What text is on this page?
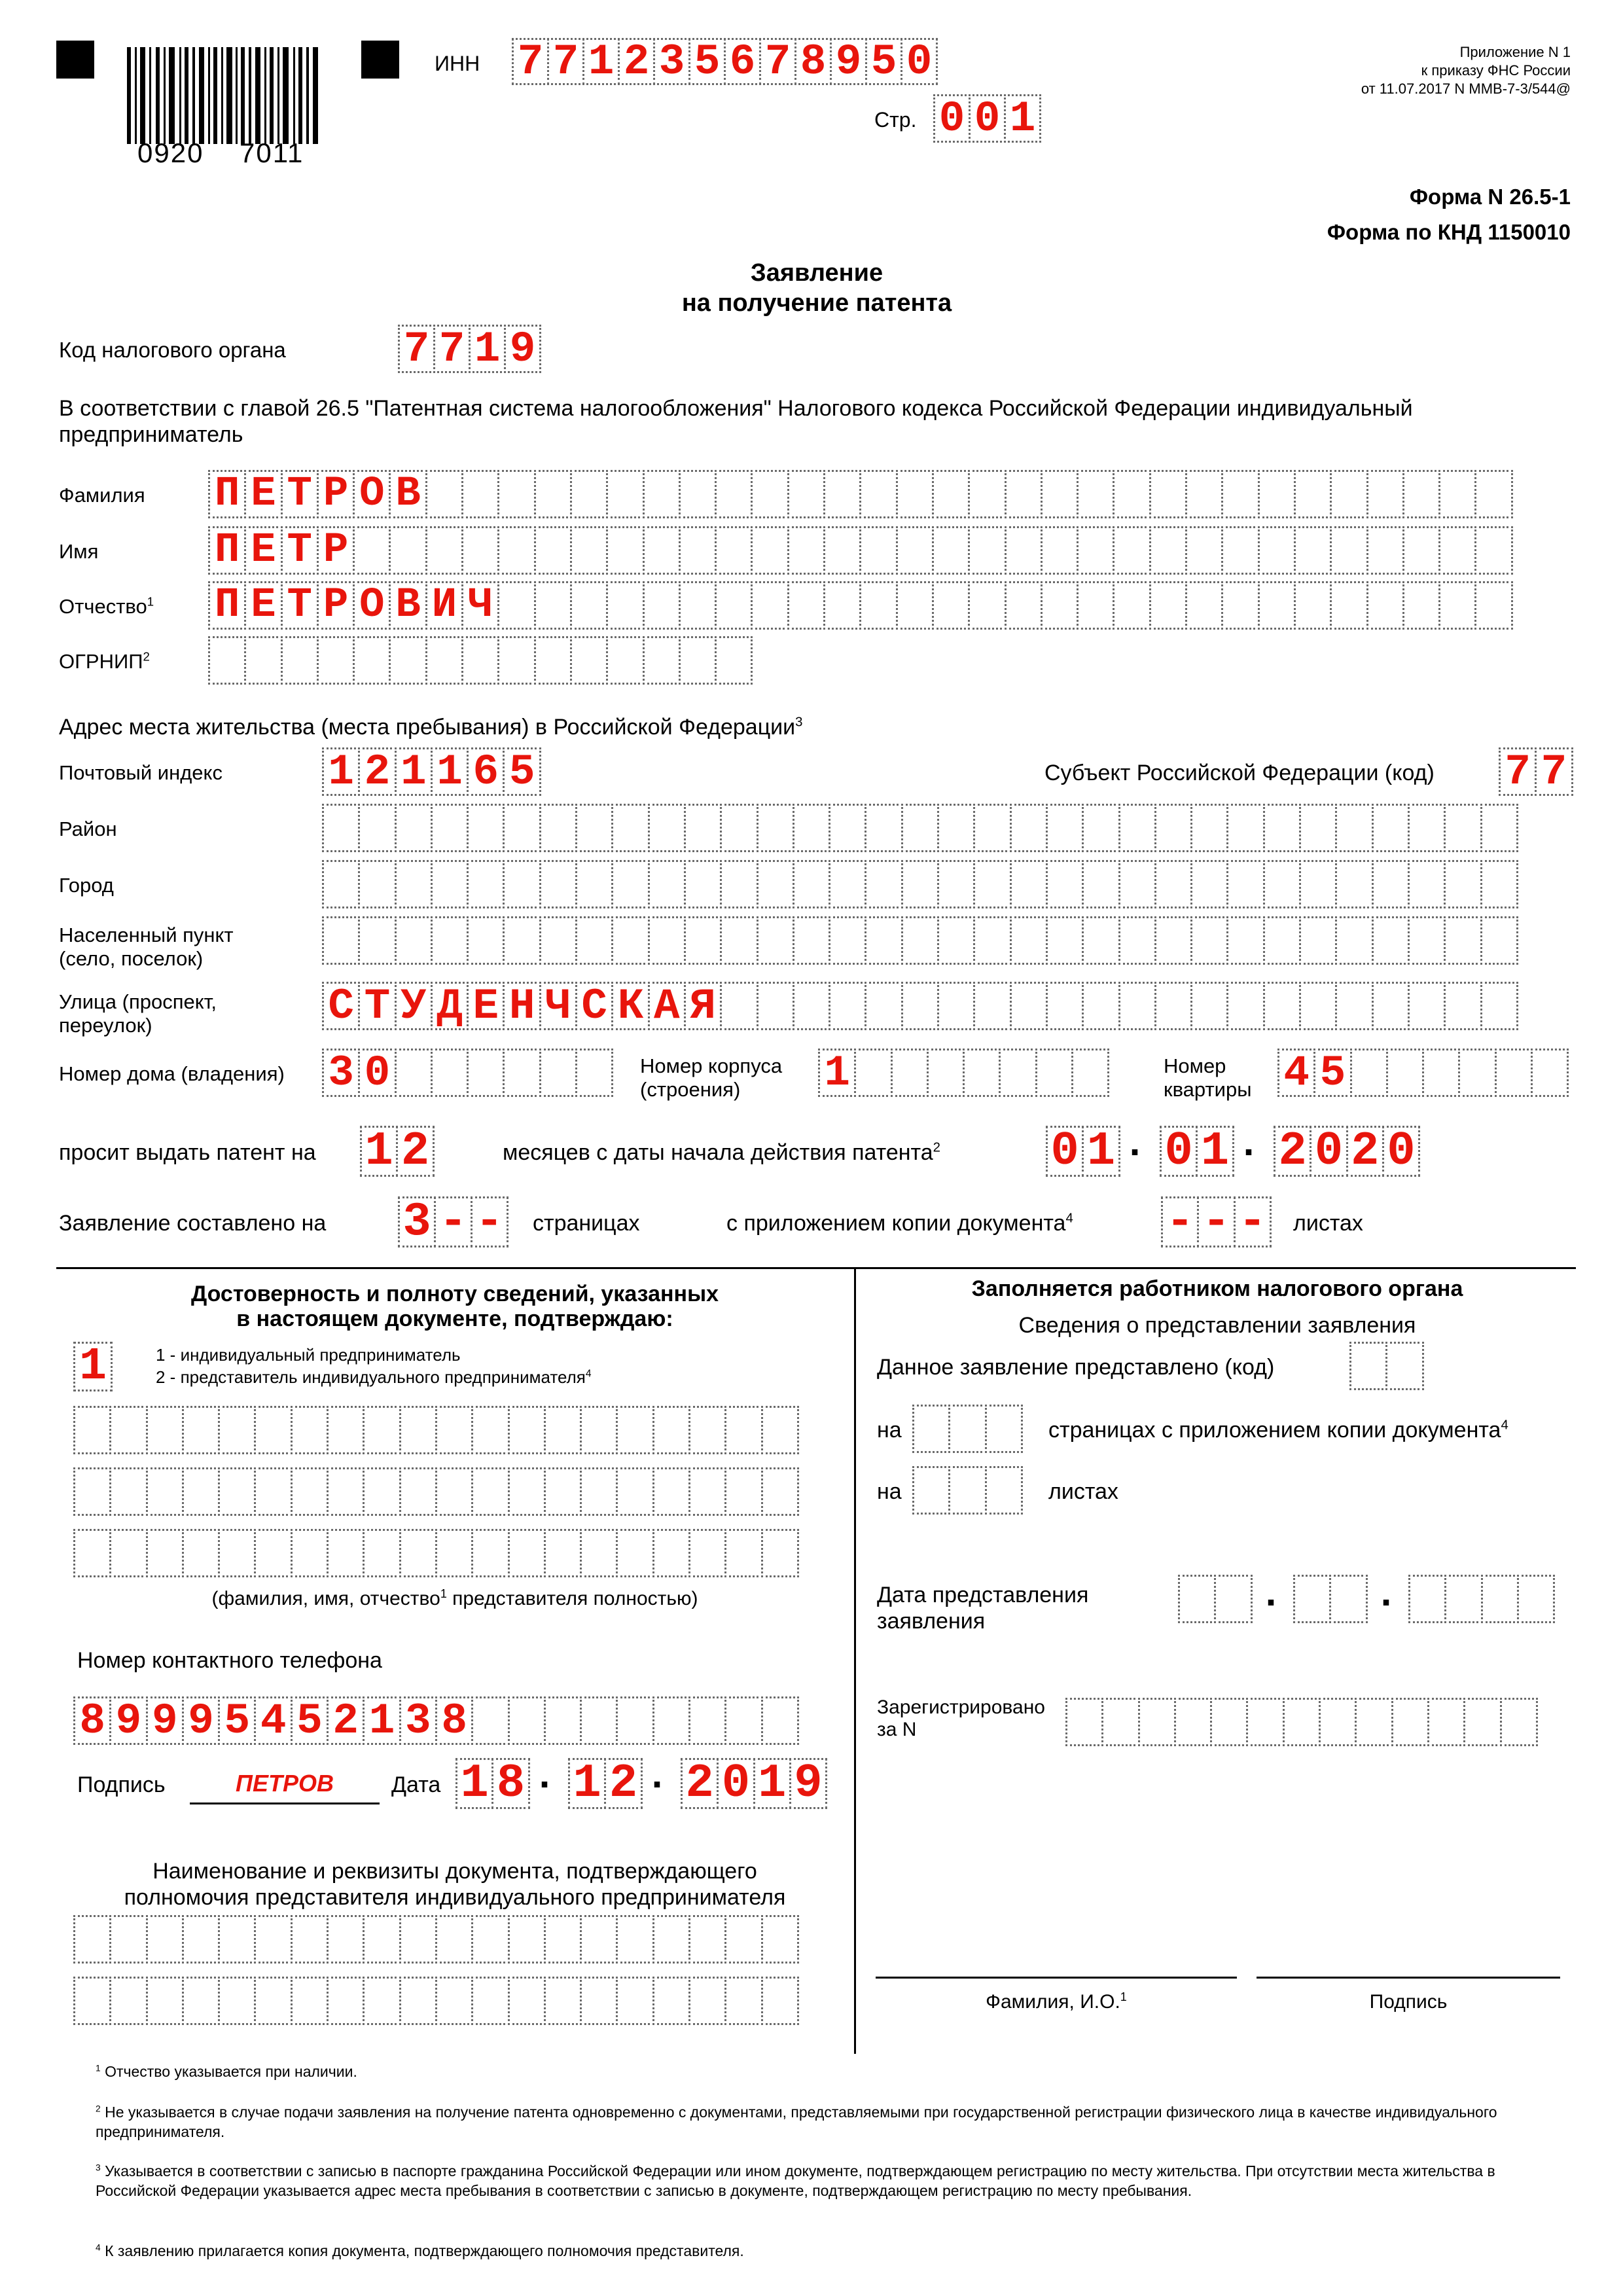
0920 7011
ИНН 7 7 1 2 3 5 6 7 8 9 5 0
Стр. 0 0 1
Приложение N 1
к приказу ФНС России
от 11.07.2017 N ММВ-7-3/544@
Форма N 26.5-1
Форма по КНД 1150010
Заявление
на получение патента
Код налогового органа	7 7 1 9
В соответствии с главой 26.5 "Патентная система налогообложения" Налогового кодекса Российской Федерации индивидуальный предприниматель
Фамилия П Е Т Р О В
Имя	П Е Т Р
Отчество$^1$ П Е Т Р О В И Ч
ОГРНИП$^2$
Адрес места жительства (места пребывания) в Российской Федерации$^3$
Почтовый индекс 1 2 1 1 6 5	Субъект Российской Федерации (код) 7 7
Район
Город
Населенный пункт
(село, поселок)
Улица (проспект,
переулок)	С Т У Д Е Н Ч С К А Я
Номер дома (владения) 3 0	Номер корпуса
(строения) 1	Номер
квартиры 4 5
просит выдать патент на 1 2	месяцев с даты начала действия патента$^2$ 0 1 . 0 1 . 2 0 2 0
Заявление составлено на 3 - - страницах	с приложением копии документа$^4$ - - - листах
Достоверность и полноту сведений, указанных
в настоящем документе, подтверждаю:
1	1 - индивидуальный предприниматель
2 - представитель индивидуального предпринимателя$^4$
(фамилия, имя, отчество$^1$ представителя полностью)
Номер контактного телефона
8 9 9 9 5 4 5 2 1 3 8
Подпись	ПЕТРОВ	Дата 1 8 . 1 2 . 2 0 1 9
Наименование и реквизиты документа, подтверждающего
полномочия представителя индивидуального предпринимателя
Заполняется работником налогового органа
Сведения о представлении заявления
Данное заявление представлено (код)
на	страницах с приложением копии документа$^4$
на	листах
Дата представления
заявления
. .
Зарегистрировано
за N
Фамилия, И.О.$^1$	Подпись
$^1$ Отчество указывается при наличии.
$^2$ Не указывается в случае подачи заявления на получение патента одновременно с документами, представляемыми при государственной регистрации физического лица в качестве индивидуального предпринимателя.
$^3$ Указывается в соответствии с записью в паспорте гражданина Российской Федерации или ином документе, подтверждающем регистрацию по месту жительства. При отсутствии места жительства в Российской Федерации указывается адрес места пребывания в соответствии с записью в документе, подтверждающем регистрацию по месту пребывания.
$^4$ К заявлению прилагается копия документа, подтверждающего полномочия представителя.
